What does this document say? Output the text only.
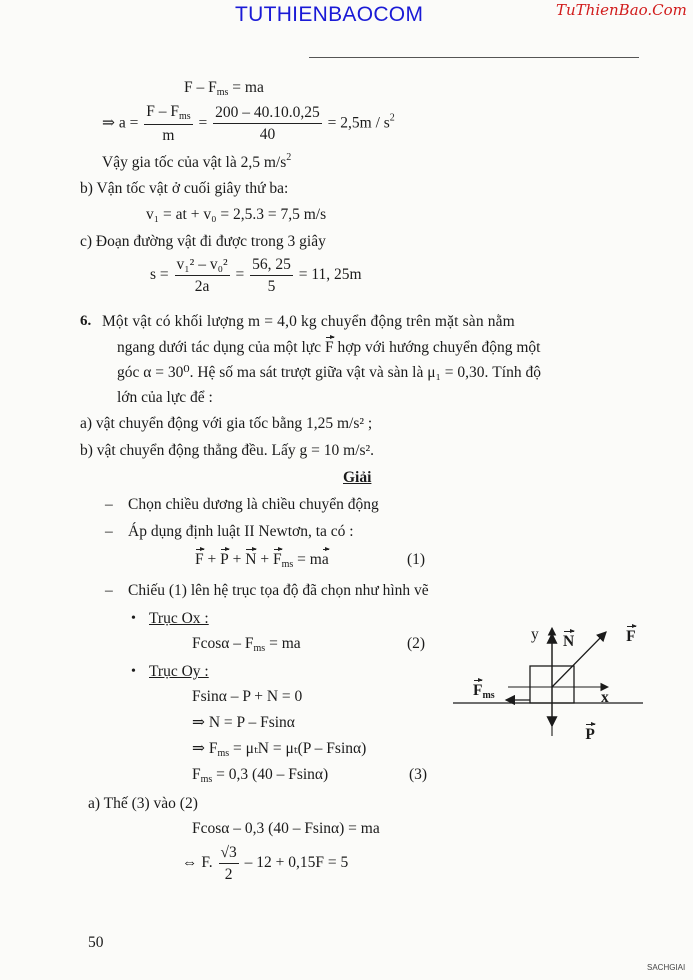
TUTHIENBAOCOM	TuThienBao.Com
F – $F_{ms}$ = ma
⇒ $a = \frac{F - F_{ms}}{m} = \frac{200 - 40.10.0,25}{40} = 2,5m / s^2$
Vậy gia tốc của vật là 2,5 $m/s^2$
b) Vận tốc vật ở cuối giây thứ ba:
v₁ = at + v₀ = 2,5.3 = 7,5 m/s
c) Đoạn đường vật đi được trong 3 giây
$s = \frac{\text{v₁² – v₀²}}{2a} = \frac{56, 25}{5} = 11$, 25m
6. Một vật có khối lượng m = 4,0 kg chuyển động trên mặt sàn nằm
ngang dưới tác dụng của một lực F hợp với hướng chuyển động một
góc α = 30⁰. Hệ số ma sát trượt giữa vật và sàn là μ₁ = 0,30. Tính độ
lớn của lực để :
a) vật chuyển động với gia tốc bằng 1,25 m/s² ;
b) vật chuyển động thẳng đều. Lấy g = 10 m/s².
Giải
– Chọn chiều dương là chiều chuyển động
– Áp dụng định luật II Newtơn, ta có :
$F + P + N + F_{ms}$ = ma	(1)
– Chiếu (1) lên hệ trục tọa độ đã chọn như hình vẽ
• Trục Ox :
Fcosα – $F_{ms}$ = ma	(2)
• Trục Oy :
Fsinα – P + N = 0
⇒ N = P – Fsinα
⇒ $F_{ms} = \mu_tN = \mu_t(P - Fsin\alpha)$
$F_{ms} = 0,3$ (40 – Fsinα)	(3)
a) Thế (3) vào (2)
Fcosα – 0,3 (40 – Fsinα) = ma
⇔ F. $\frac{√3}{2} - 12 + 0,15F = 5$
y N	F
$F_{ms}$	x
P
50
SACHGIAI
